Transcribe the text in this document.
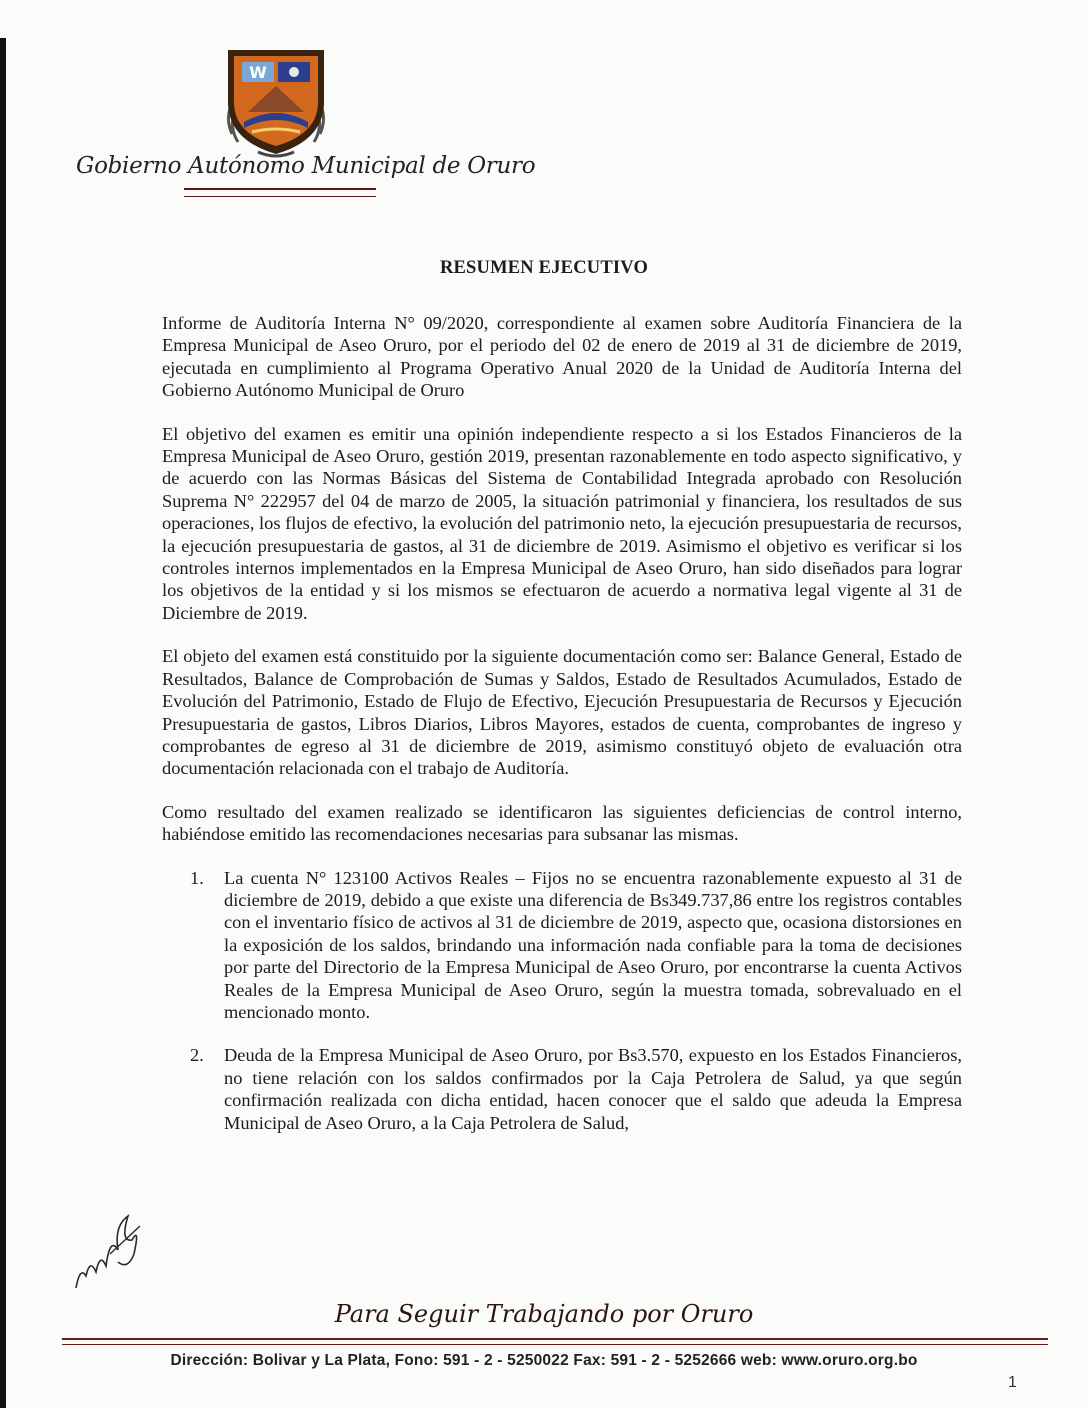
W
Gobierno Autónomo Municipal de Oruro
RESUMEN EJECUTIVO

Informe de Auditoría Interna N° 09/2020, correspondiente al examen sobre Auditoría Financiera de la Empresa Municipal de Aseo Oruro, por el periodo del 02 de enero de 2019 al 31 de diciembre de 2019, ejecutada en cumplimiento al Programa Operativo Anual 2020 de la Unidad de Auditoría Interna del Gobierno Autónomo Municipal de Oruro

El objetivo del examen es emitir una opinión independiente respecto a si los Estados Financieros de la Empresa Municipal de Aseo Oruro, gestión 2019, presentan razonablemente en todo aspecto significativo, y de acuerdo con las Normas Básicas del Sistema de Contabilidad Integrada aprobado con Resolución Suprema N° 222957 del 04 de marzo de 2005, la situación patrimonial y financiera, los resultados de sus operaciones, los flujos de efectivo, la evolución del patrimonio neto, la ejecución presupuestaria de recursos, la ejecución presupuestaria de gastos, al 31 de diciembre de 2019. Asimismo el objetivo es verificar si los controles internos implementados en la Empresa Municipal de Aseo Oruro, han sido diseñados para lograr los objetivos de la entidad y si los mismos se efectuaron de acuerdo a normativa legal vigente al 31 de Diciembre de 2019.

El objeto del examen está constituido por la siguiente documentación como ser: Balance General, Estado de Resultados, Balance de Comprobación de Sumas y Saldos, Estado de Resultados Acumulados, Estado de Evolución del Patrimonio, Estado de Flujo de Efectivo, Ejecución Presupuestaria de Recursos y Ejecución Presupuestaria de gastos, Libros Diarios, Libros Mayores, estados de cuenta, comprobantes de ingreso y comprobantes de egreso al 31 de diciembre de 2019, asimismo constituyó objeto de evaluación otra documentación relacionada con el trabajo de Auditoría.

Como resultado del examen realizado se identificaron las siguientes deficiencias de control interno, habiéndose emitido las recomendaciones necesarias para subsanar las mismas.

1. La cuenta N° 123100 Activos Reales – Fijos no se encuentra razonablemente expuesto al 31 de diciembre de 2019, debido a que existe una diferencia de Bs349.737,86 entre los registros contables con el inventario físico de activos al 31 de diciembre de 2019, aspecto que, ocasiona distorsiones en la exposición de los saldos, brindando una información nada confiable para la toma de decisiones por parte del Directorio de la Empresa Municipal de Aseo Oruro, por encontrarse la cuenta Activos Reales de la Empresa Municipal de Aseo Oruro, según la muestra tomada, sobrevaluado en el mencionado monto.
2. Deuda de la Empresa Municipal de Aseo Oruro, por Bs3.570, expuesto en los Estados Financieros, no tiene relación con los saldos confirmados por la Caja Petrolera de Salud, ya que según confirmación realizada con dicha entidad, hacen conocer que el saldo que adeuda la Empresa Municipal de Aseo Oruro, a la Caja Petrolera de Salud,
Para Seguir Trabajando por Oruro
Dirección: Bolivar y La Plata, Fono: 591 - 2 - 5250022 Fax: 591 - 2 - 5252666 web: www.oruro.org.bo
1
